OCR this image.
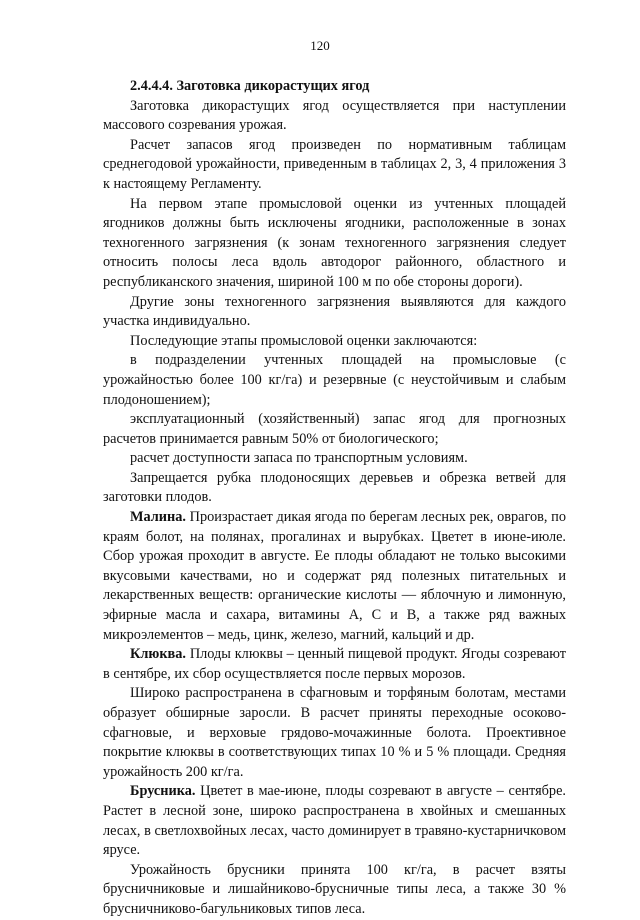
120
2.4.4.4. Заготовка дикорастущих ягод

Заготовка дикорастущих ягод осуществляется при наступлении массового созревания урожая.

Расчет запасов ягод произведен по нормативным таблицам среднегодовой урожайности, приведенным в таблицах 2, 3, 4 приложения 3 к настоящему Регламенту.

На первом этапе промысловой оценки из учтенных площадей ягодников должны быть исключены ягодники, расположенные в зонах техногенного загрязнения (к зонам техногенного загрязнения следует относить полосы леса вдоль автодорог районного, областного и республиканского значения, шириной 100 м по обе стороны дороги).

Другие зоны техногенного загрязнения выявляются для каждого участка индивидуально.

Последующие этапы промысловой оценки заключаются:

в подразделении учтенных площадей на промысловые (с урожайностью более 100 кг/га) и резервные (с неустойчивым и слабым плодоношением);

эксплуатационный (хозяйственный) запас ягод для прогнозных расчетов принимается равным 50% от биологического;

расчет доступности запаса по транспортным условиям.

Запрещается рубка плодоносящих деревьев и обрезка ветвей для заготовки плодов.

Малина. Произрастает дикая ягода по берегам лесных рек, оврагов, по краям болот, на полянах, прогалинах и вырубках. Цветет в июне-июле. Сбор урожая проходит в августе. Ее плоды обладают не только высокими вкусовыми качествами, но и содержат ряд полезных питательных и лекарственных веществ: органические кислоты — яблочную и лимонную, эфирные масла и сахара, витамины А, С и В, а также ряд важных микроэлементов – медь, цинк, железо, магний, кальций и др.

Клюква. Плоды клюквы – ценный пищевой продукт. Ягоды созревают в сентябре, их сбор осуществляется после первых морозов.

Широко распространена в сфагновым и торфяным болотам, местами образует обширные заросли. В расчет приняты переходные осоково-сфагновые, и верховые грядово-мочажинные болота. Проективное покрытие клюквы в соответствующих типах 10 % и 5 % площади. Средняя урожайность 200 кг/га.

Брусника. Цветет в мае-июне, плоды созревают в августе – сентябре. Растет в лесной зоне, широко распространена в хвойных и смешанных лесах, в светлохвойных лесах, часто доминирует в травяно-кустарничковом ярусе.

Урожайность брусники принята 100 кг/га, в расчет взяты брусничниковые и лишайниково-брусничные типы леса, а также 30 % брусничниково-багульниковых типов леса.
